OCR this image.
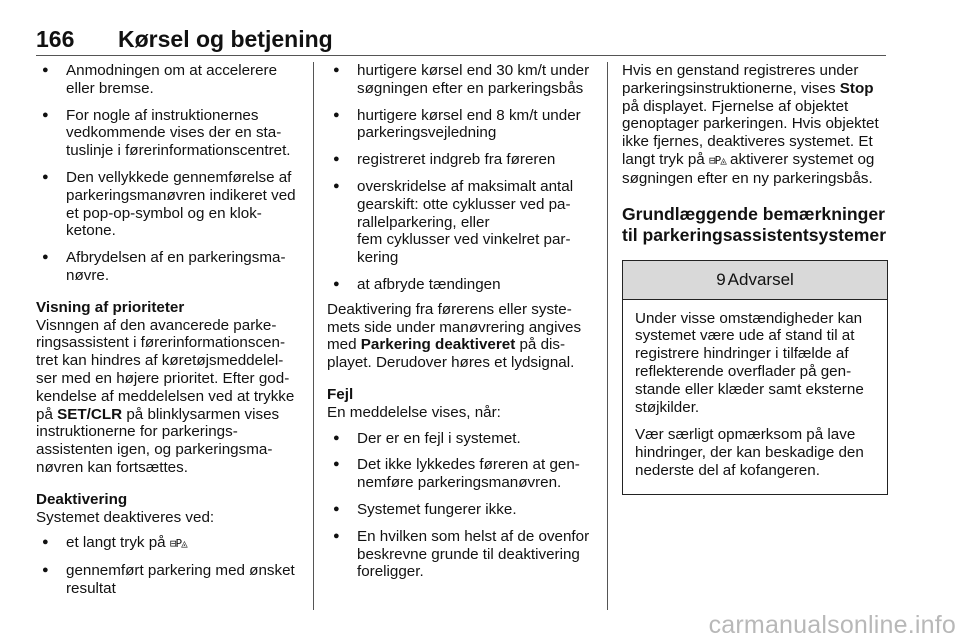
166 Kørsel og betjening
● Anmodningen om at accelerere eller bremse.
● For nogle af instruktionernes vedkommende vises der en statuslinje i førerinformationscentret.
● Den vellykkede gennemførelse af parkeringsmanøvren indikeret ved et pop-op-symbol og en klokketone.
● Afbrydelsen af en parkeringsmanøvre.

Visning af prioriteter
Visnngen af den avancerede parkeringsassistent i førerinformationscentret kan hindres af køretøjsmeddelelser med en højere prioritet. Efter godkendelse af meddelelsen ved at trykke på SET/CLR på blinklysarmen vises instruktionerne for parkeringsassistenten igen, og parkeringsmanøvren kan fortsættes.

Deaktivering
Systemet deaktiveres ved:

● et langt tryk på ⊟P◬
● gennemført parkering med ønsket resultat
● hurtigere kørsel end 30 km/t under søgningen efter en parkeringsbås
● hurtigere kørsel end 8 km/t under parkeringsvejledning
● registreret indgreb fra føreren
● overskridelse af maksimalt antal gearskift: otte cyklusser ved parallelparkering, eller
fem cyklusser ved vinkelret parkering
● at afbryde tændingen

Deaktivering fra førerens eller systemets side under manøvrering angives med Parkering deaktiveret på displayet. Derudover høres et lydsignal.

Fejl
En meddelelse vises, når:

● Der er en fejl i systemet.
● Det ikke lykkedes føreren at gennemføre parkeringsmanøvren.
● Systemet fungerer ikke.
● En hvilken som helst af de ovenfor beskrevne grunde til deaktivering foreligger.

Hvis en genstand registreres under parkeringsinstruktionerne, vises Stop på displayet. Fjernelse af objektet genoptager parkeringen. Hvis objektet ikke fjernes, deaktiveres systemet. Et langt tryk på ⊟P◬ aktiverer systemet og søgningen efter en ny parkeringsbås.

Grundlæggende bemærkninger til parkeringsassistentsystemer
9 Advarsel

Under visse omstændigheder kan systemet være ude af stand til at registrere hindringer i tilfælde af reflekterende overflader på genstande eller klæder samt eksterne støjkilder.

Vær særligt opmærksom på lave hindringer, der kan beskadige den nederste del af kofangeren.

carmanualsonline.info
